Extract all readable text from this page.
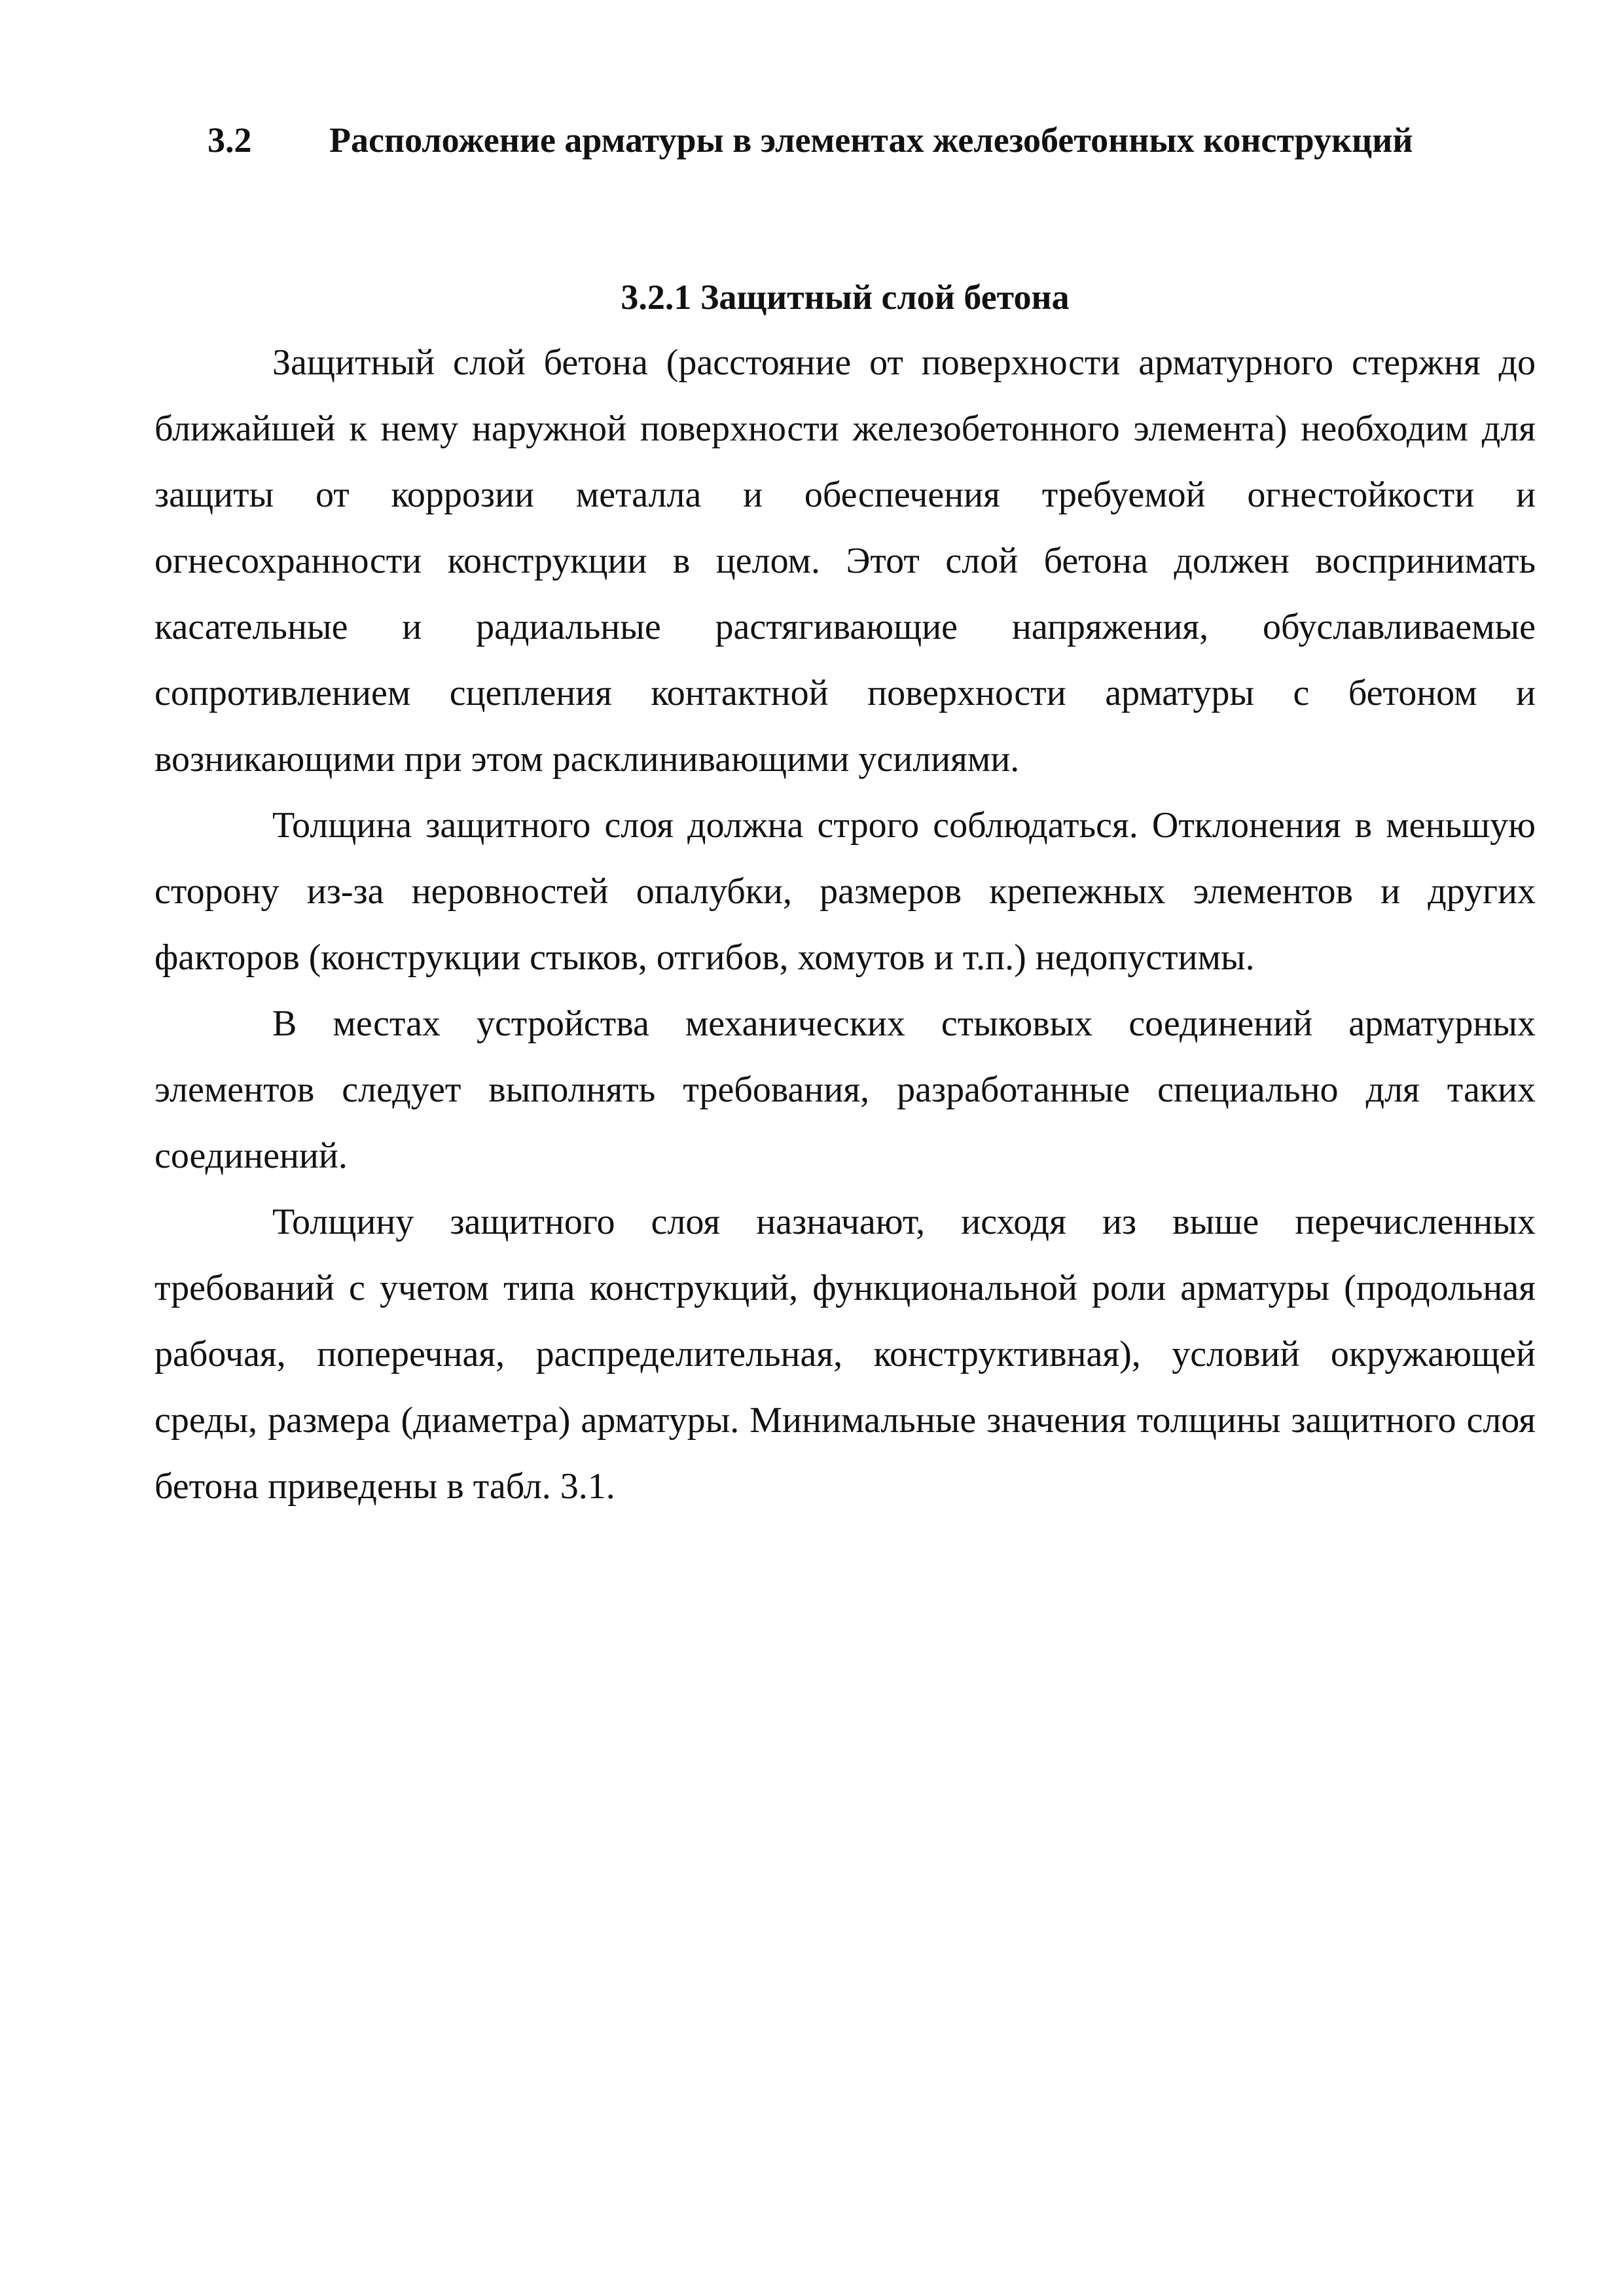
3.2 Расположение арматуры в элементах железобетонных конструкций
3.2.1 Защитный слой бетона

Защитный слой бетона (расстояние от поверхности арматурного стержня до ближайшей к нему наружной поверхности железобетонного элемента) необходим для защиты от коррозии металла и обеспечения требуемой огнестойкости и огнесохранности конструкции в целом. Этот слой бетона должен воспринимать касательные и радиальные растягивающие напряжения, обуславливаемые сопротивлением сцепления контактной поверхности арматуры с бетоном и возникающими при этом расклинивающими усилиями.

Толщина защитного слоя должна строго соблюдаться. Отклонения в меньшую сторону из-за неровностей опалубки, размеров крепежных элементов и других факторов (конструкции стыков, отгибов, хомутов и т.п.) недопустимы.

В местах устройства механических стыковых соединений арматурных элементов следует выполнять требования, разработанные специально для таких соединений.

Толщину защитного слоя назначают, исходя из выше перечисленных требований с учетом типа конструкций, функциональной роли арматуры (продольная рабочая, поперечная, распределительная, конструктивная), условий окружающей среды, размера (диаметра) арматуры. Минимальные значения толщины защитного слоя бетона приведены в табл. 3.1.
